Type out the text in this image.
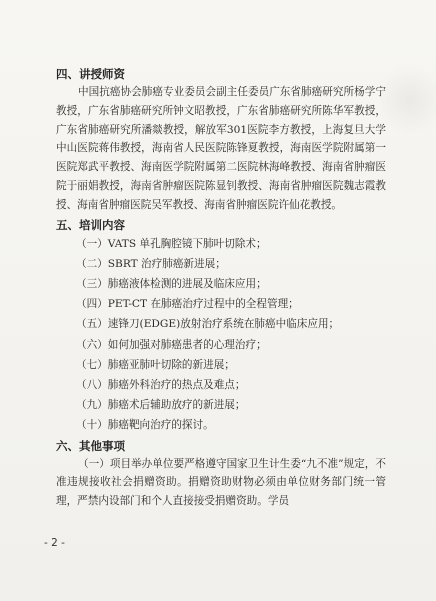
四、讲授师资

中国抗癌协会肺癌专业委员会副主任委员广东省肺癌研究所杨学宁教授，广东省肺癌研究所钟文昭教授，广东省肺癌研究所陈华军教授，广东省肺癌研究所潘燚教授，解放军301医院李方教授，上海复旦大学中山医院蒋伟教授，海南省人民医院陈锋夏教授，海南医学院附属第一医院郑武平教授、海南医学院附属第二医院林海峰教授、海南省肿瘤医院于丽娟教授，海南省肿瘤医院陈显钊教授、海南省肿瘤医院魏志霞教授、海南省肿瘤医院吴军教授、海南省肿瘤医院许仙花教授。

五、培训内容
（一）VATS 单孔胸腔镜下肺叶切除术；
（二）SBRT 治疗肺癌新进展；
（三）肺癌液体检测的进展及临床应用；
（四）PET-CT 在肺癌治疗过程中的全程管理；
（五）速锋刀(EDGE)放射治疗系统在肺癌中临床应用；
（六）如何加强对肺癌患者的心理治疗；
（七）肺癌亚肺叶切除的新进展；
（八）肺癌外科治疗的热点及难点；
（九）肺癌术后辅助放疗的新进展；
（十）肺癌靶向治疗的探讨。
六、其他事项

（一）项目举办单位要严格遵守国家卫生计生委“九不准”规定，不准违规接收社会捐赠资助。捐赠资助财物必须由单位财务部门统一管理，严禁内设部门和个人直接接受捐赠资助。学员

- 2 -
